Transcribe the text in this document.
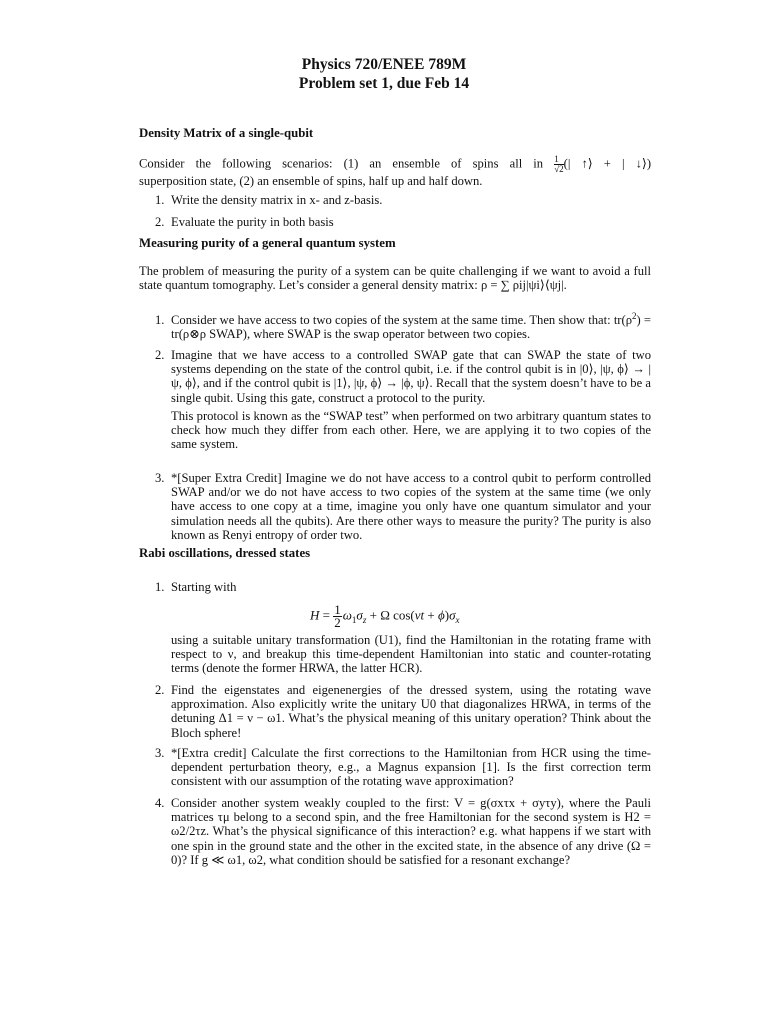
Physics 720/ENEE 789M
Problem set 1, due Feb 14
Density Matrix of a single-qubit
Consider the following scenarios: (1) an ensemble of spins all in $\frac{1}{√2}$ (| ↑⟩ + | ↓⟩)
superposition state, (2) an ensemble of spins, half up and half down.
1. Write the density matrix in x- and z-basis.
2. Evaluate the purity in both basis
Measuring purity of a general quantum system
The problem of measuring the purity of a system can be quite challenging if we want to avoid a full state quantum tomography. Let’s consider a general density matrix: ρ = ∑ ρij|ψi⟩⟨ψj|.
1. Consider we have access to two copies of the system at the same time. Then show that: $tr(\rho^2)$ = tr(ρ⊗ρ SWAP), where SWAP is the swap operator between two copies.
2. Imagine that we have access to a controlled SWAP gate that can SWAP the state of two systems depending on the state of the control qubit, i.e. if the control qubit is in |0⟩, |ψ, ϕ⟩ → |ψ, ϕ⟩, and if the control qubit is |1⟩, |ψ, ϕ⟩ → |ϕ, ψ⟩. Recall that the system doesn’t have to be a single qubit. Using this gate, construct a protocol to the purity.
This protocol is known as the “SWAP test” when performed on two arbitrary quantum states to check how much they differ from each other. Here, we are applying it to two copies of the same system.
3. *[Super Extra Credit] Imagine we do not have access to a control qubit to perform controlled SWAP and/or we do not have access to two copies of the system at the same time (we only have access to one copy at a time, imagine you only have one quantum simulator and your simulation needs all the qubits). Are there other ways to measure the purity? The purity is also known as Renyi entropy of order two.
Rabi oscillations, dressed states
1. Starting with
$H = \frac{1}{2} \omega_1\sigma_z + \Omega$ $\cos(\nu t + \phi)\sigma_x$
using a suitable unitary transformation (U1), find the Hamiltonian in the rotating frame with respect to ν, and breakup this time-dependent Hamiltonian into static and counter-rotating terms (denote the former HRWA, the latter HCR).
2. Find the eigenstates and eigenenergies of the dressed system, using the rotating wave approximation. Also explicitly write the unitary U0 that diagonalizes HRWA, in terms of the detuning Δ1 = ν − ω1. What’s the physical meaning of this unitary operation? Think about the Bloch sphere!
3. *[Extra credit] Calculate the first corrections to the Hamiltonian from HCR using the time-dependent perturbation theory, e.g., a Magnus expansion [1]. Is the first correction term consistent with our assumption of the rotating wave approximation?
4. Consider another system weakly coupled to the first: V = g(σxτx + σyτy), where the Pauli matrices τμ belong to a second spin, and the free Hamiltonian for the second system is H2 = ω2/2τz. What’s the physical significance of this interaction? e.g. what happens if we start with one spin in the ground state and the other in the excited state, in the absence of any drive (Ω = 0)? If g ≪ ω1, ω2, what condition should be satisfied for a resonant exchange?
